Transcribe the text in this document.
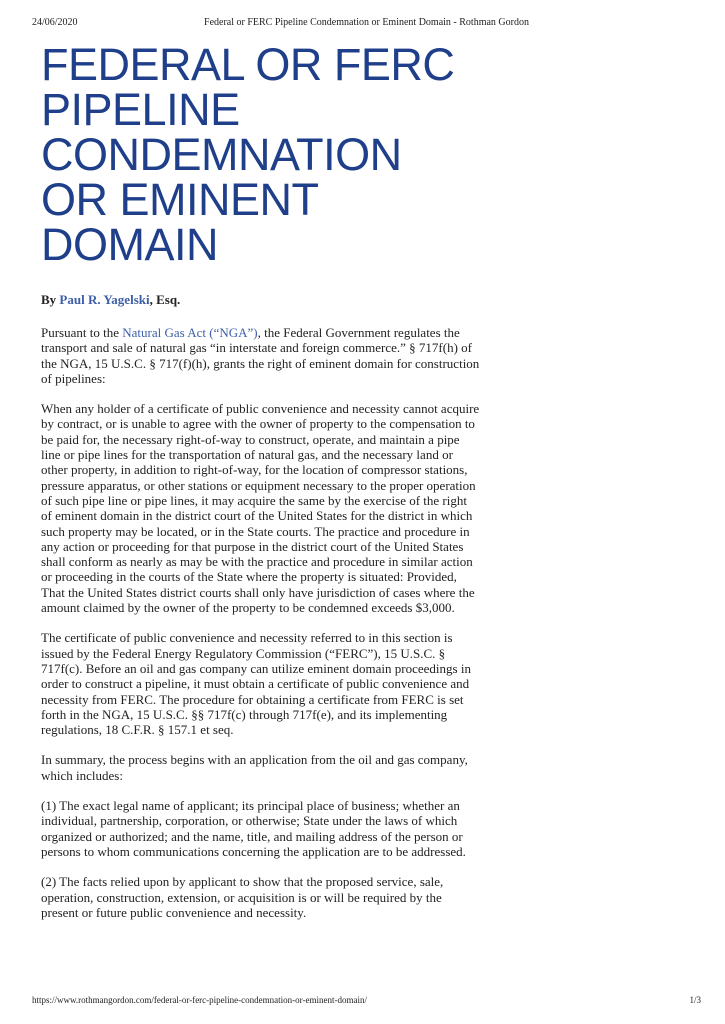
24/06/2020	Federal or FERC Pipeline Condemnation or Eminent Domain - Rothman Gordon
FEDERAL OR FERC
PIPELINE
CONDEMNATION
OR EMINENT
DOMAIN
By Paul R. Yagelski, Esq.

Pursuant to the Natural Gas Act (“NGA”), the Federal Government regulates the transport and sale of natural gas “in interstate and foreign commerce.” § 717f(h) of the NGA, 15 U.S.C. § 717(f)(h), grants the right of eminent domain for construction of pipelines:

When any holder of a certificate of public convenience and necessity cannot acquire by contract, or is unable to agree with the owner of property to the compensation to be paid for, the necessary right-of-way to construct, operate, and maintain a pipe line or pipe lines for the transportation of natural gas, and the necessary land or other property, in addition to right-of-way, for the location of compressor stations, pressure apparatus, or other stations or equipment necessary to the proper operation of such pipe line or pipe lines, it may acquire the same by the exercise of the right of eminent domain in the district court of the United States for the district in which such property may be located, or in the State courts. The practice and procedure in any action or proceeding for that purpose in the district court of the United States shall conform as nearly as may be with the practice and procedure in similar action or proceeding in the courts of the State where the property is situated: Provided, That the United States district courts shall only have jurisdiction of cases where the amount claimed by the owner of the property to be condemned exceeds $3,000.

The certificate of public convenience and necessity referred to in this section is issued by the Federal Energy Regulatory Commission (“FERC”), 15 U.S.C. § 717f(c). Before an oil and gas company can utilize eminent domain proceedings in order to construct a pipeline, it must obtain a certificate of public convenience and necessity from FERC. The procedure for obtaining a certificate from FERC is set forth in the NGA, 15 U.S.C. §§ 717f(c) through 717f(e), and its implementing regulations, 18 C.F.R. § 157.1 et seq.

In summary, the process begins with an application from the oil and gas company, which includes:

(1) The exact legal name of applicant; its principal place of business; whether an individual, partnership, corporation, or otherwise; State under the laws of which organized or authorized; and the name, title, and mailing address of the person or persons to whom communications concerning the application are to be addressed.

(2) The facts relied upon by applicant to show that the proposed service, sale, operation, construction, extension, or acquisition is or will be required by the present or future public convenience and necessity.

https://www.rothmangordon.com/federal-or-ferc-pipeline-condemnation-or-eminent-domain/	1/3
